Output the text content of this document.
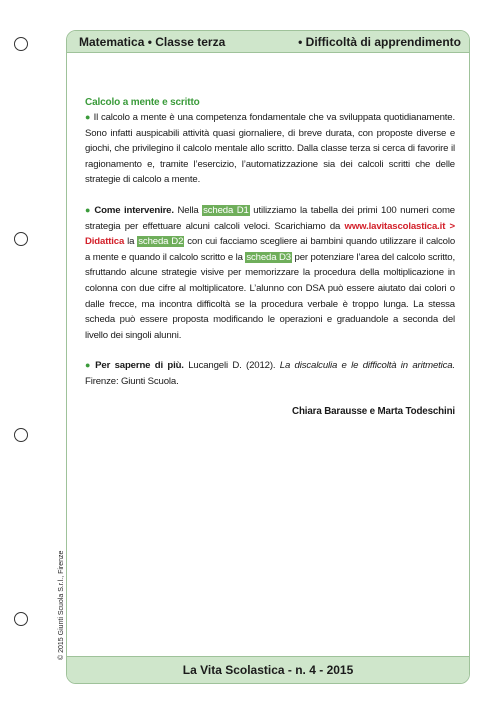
© 2015 Giunti Scuola S.r.l., Firenze
Matematica • Classe terza	• Difficoltà di apprendimento
Calcolo a mente e scritto

● Il calcolo a mente è una competenza fondamentale che va sviluppata quotidianamente. Sono infatti auspicabili attività quasi giornaliere, di breve durata, con proposte diverse e giochi, che privilegino il calcolo mentale allo scritto. Dalla classe terza si cerca di favorire il ragionamento e, tramite l’esercizio, l’automatizzazione sia dei calcoli scritti che delle strategie di calcolo a mente.

● Come intervenire. Nella scheda D1 utilizziamo la tabella dei primi 100 numeri come strategia per effettuare alcuni calcoli veloci. Scarichiamo da www.lavitascolastica.it > Didattica la scheda D2 con cui facciamo scegliere ai bambini quando utilizzare il calcolo a mente e quando il calcolo scritto e la scheda D3 per potenziare l’area del calcolo scritto, sfruttando alcune strategie visive per memorizzare la procedura della moltiplicazione in colonna con due cifre al moltiplicatore. L’alunno con DSA può essere aiutato dai colori o dalle frecce, ma incontra difficoltà se la procedura verbale è troppo lunga. La stessa scheda può essere proposta modificando le operazioni e graduandole a seconda del livello dei singoli alunni.

● Per saperne di più. Lucangeli D. (2012). La discalculia e le difficoltà in aritmetica. Firenze: Giunti Scuola.

Chiara Barausse e Marta Todeschini
La Vita Scolastica - n. 4 - 2015
